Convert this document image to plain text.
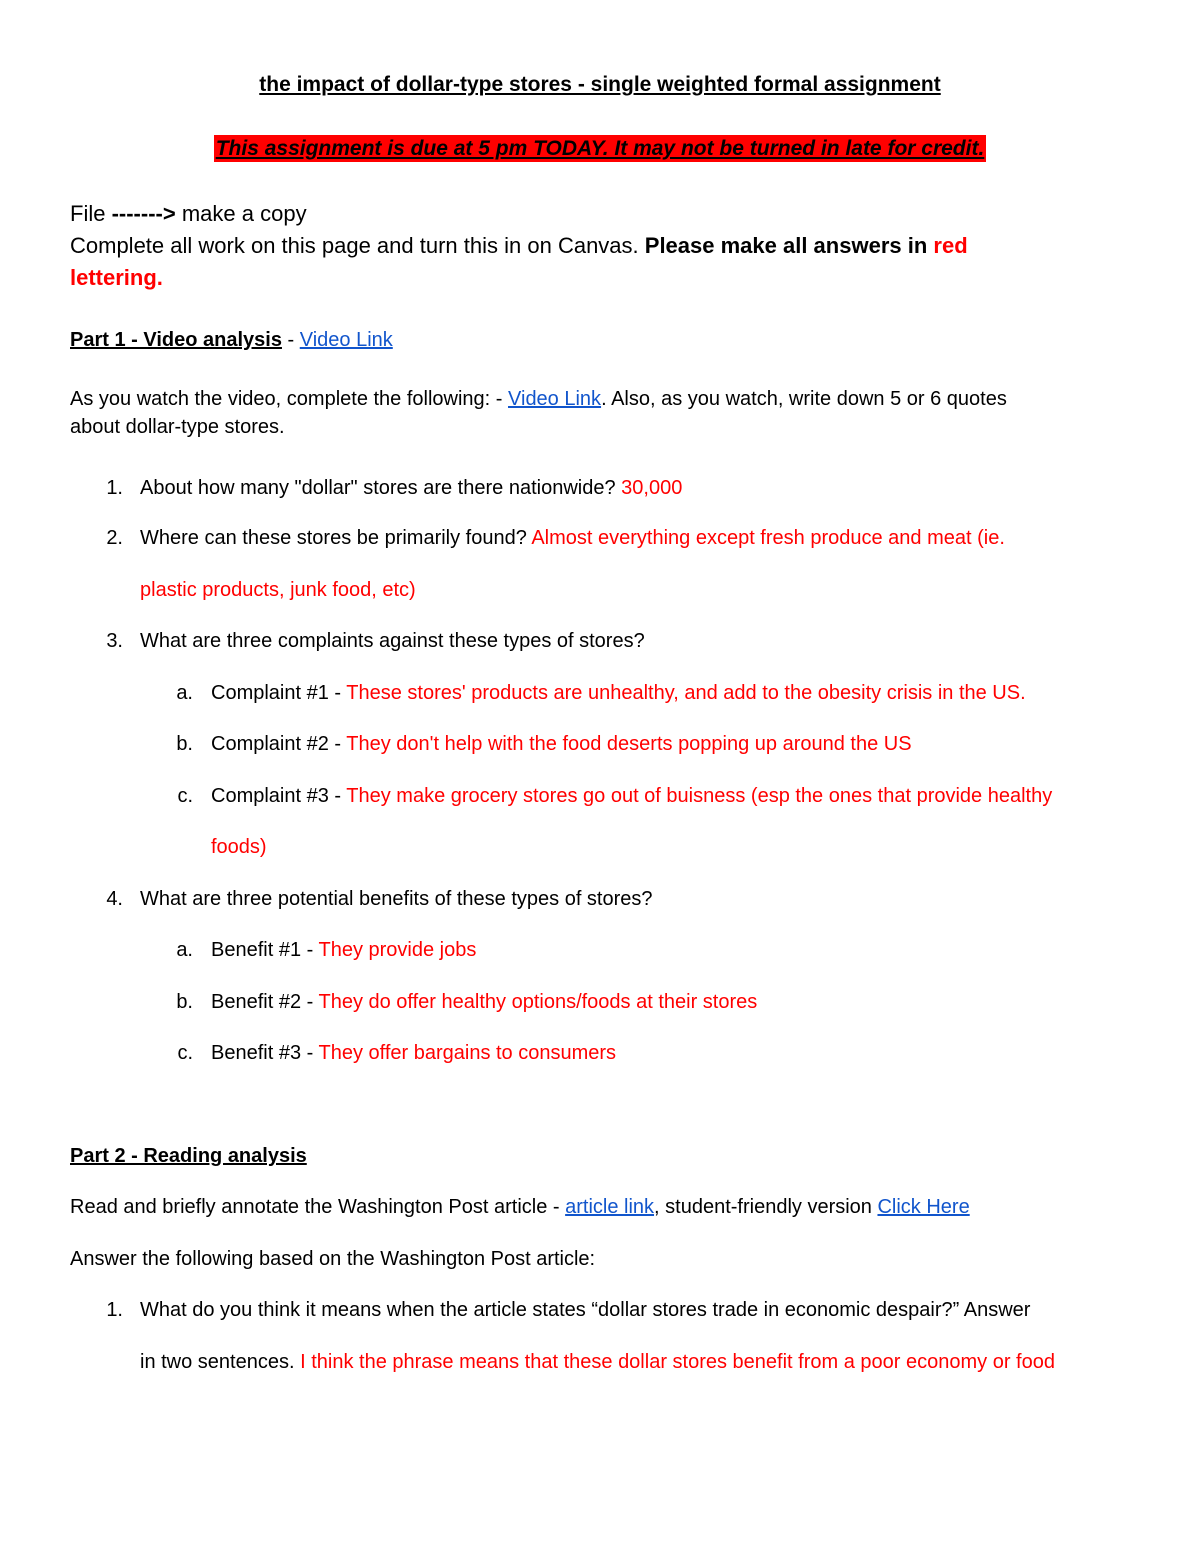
the impact of dollar-type stores - single weighted formal assignment
This assignment is due at 5 pm TODAY. It may not be turned in late for credit.
File -------> make a copy
Complete all work on this page and turn this in on Canvas. Please make all answers in red
lettering.
Part 1 - Video analysis - Video Link
As you watch the video, complete the following: - Video Link. Also, as you watch, write down 5 or 6 quotes
about dollar-type stores.
1. About how many "dollar" stores are there nationwide? 30,000
2. Where can these stores be primarily found? Almost everything except fresh produce and meat (ie.
plastic products, junk food, etc)
3. What are three complaints against these types of stores?
a. Complaint #1 - These stores' products are unhealthy, and add to the obesity crisis in the US.
b. Complaint #2 - They don't help with the food deserts popping up around the US
c. Complaint #3 - They make grocery stores go out of buisness (esp the ones that provide healthy
foods)
4. What are three potential benefits of these types of stores?
a. Benefit #1 - They provide jobs
b. Benefit #2 - They do offer healthy options/foods at their stores
c. Benefit #3 - They offer bargains to consumers
Part 2 - Reading analysis
Read and briefly annotate the Washington Post article - article link, student-friendly version Click Here
Answer the following based on the Washington Post article:
1. What do you think it means when the article states “dollar stores trade in economic despair?” Answer
in two sentences. I think the phrase means that these dollar stores benefit from a poor economy or food
